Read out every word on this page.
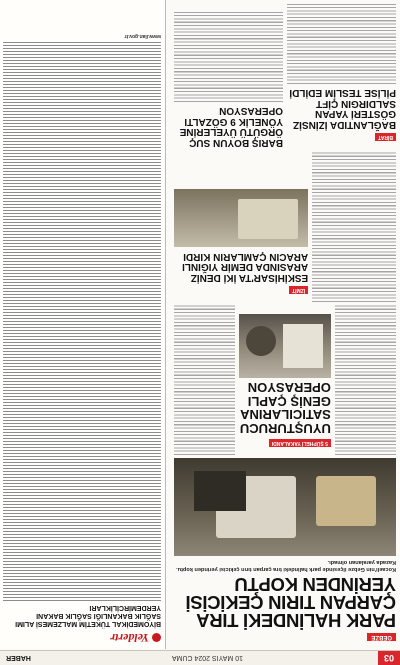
03
10 MAYIS 2024 CUMA
HABER
GEBZE
PARK HALİNDEKİ TIRA ÇARPAN TIRIN ÇEKİCİSİ YERİNDEN KOPTU
Kocaeli'nin Gebze ilçesinde park halindeki tıra çarpan tırın çekicisi yerinden koptu. Kazada yaralanan olmadı.
5 ŞÜPHELİ YAKALANDI
UYUŞTURUCU SATICILARINA GENİŞ ÇAPLI OPERASYON
İZMİT
ESKİHİSAR'TA İKİ DENİZ ARASINDA DEMİR YIĞINLI ARACIN ÇAMLARIN KIRDI
BİRAT
BAĞLANTIDA İZİNSİZ GÖSTERİ YAPAN SALDIRGIN ÇİFT PİLİSE TESLİM EDİLDİ
BARIŞ BOYUN SUÇ ÖRGÜTÜ ÜYELERİNE YÖNELİK 9 GÖZALTI OPERASYON
Yeldertr
BİYOMEDİKAL TÜKETİM MALZEMESİ ALIMI SAĞLIK BAKANLIĞI SAĞLIK BAKANI YERDEMİRCİLİKLARI
www.ilan.gov.tr
